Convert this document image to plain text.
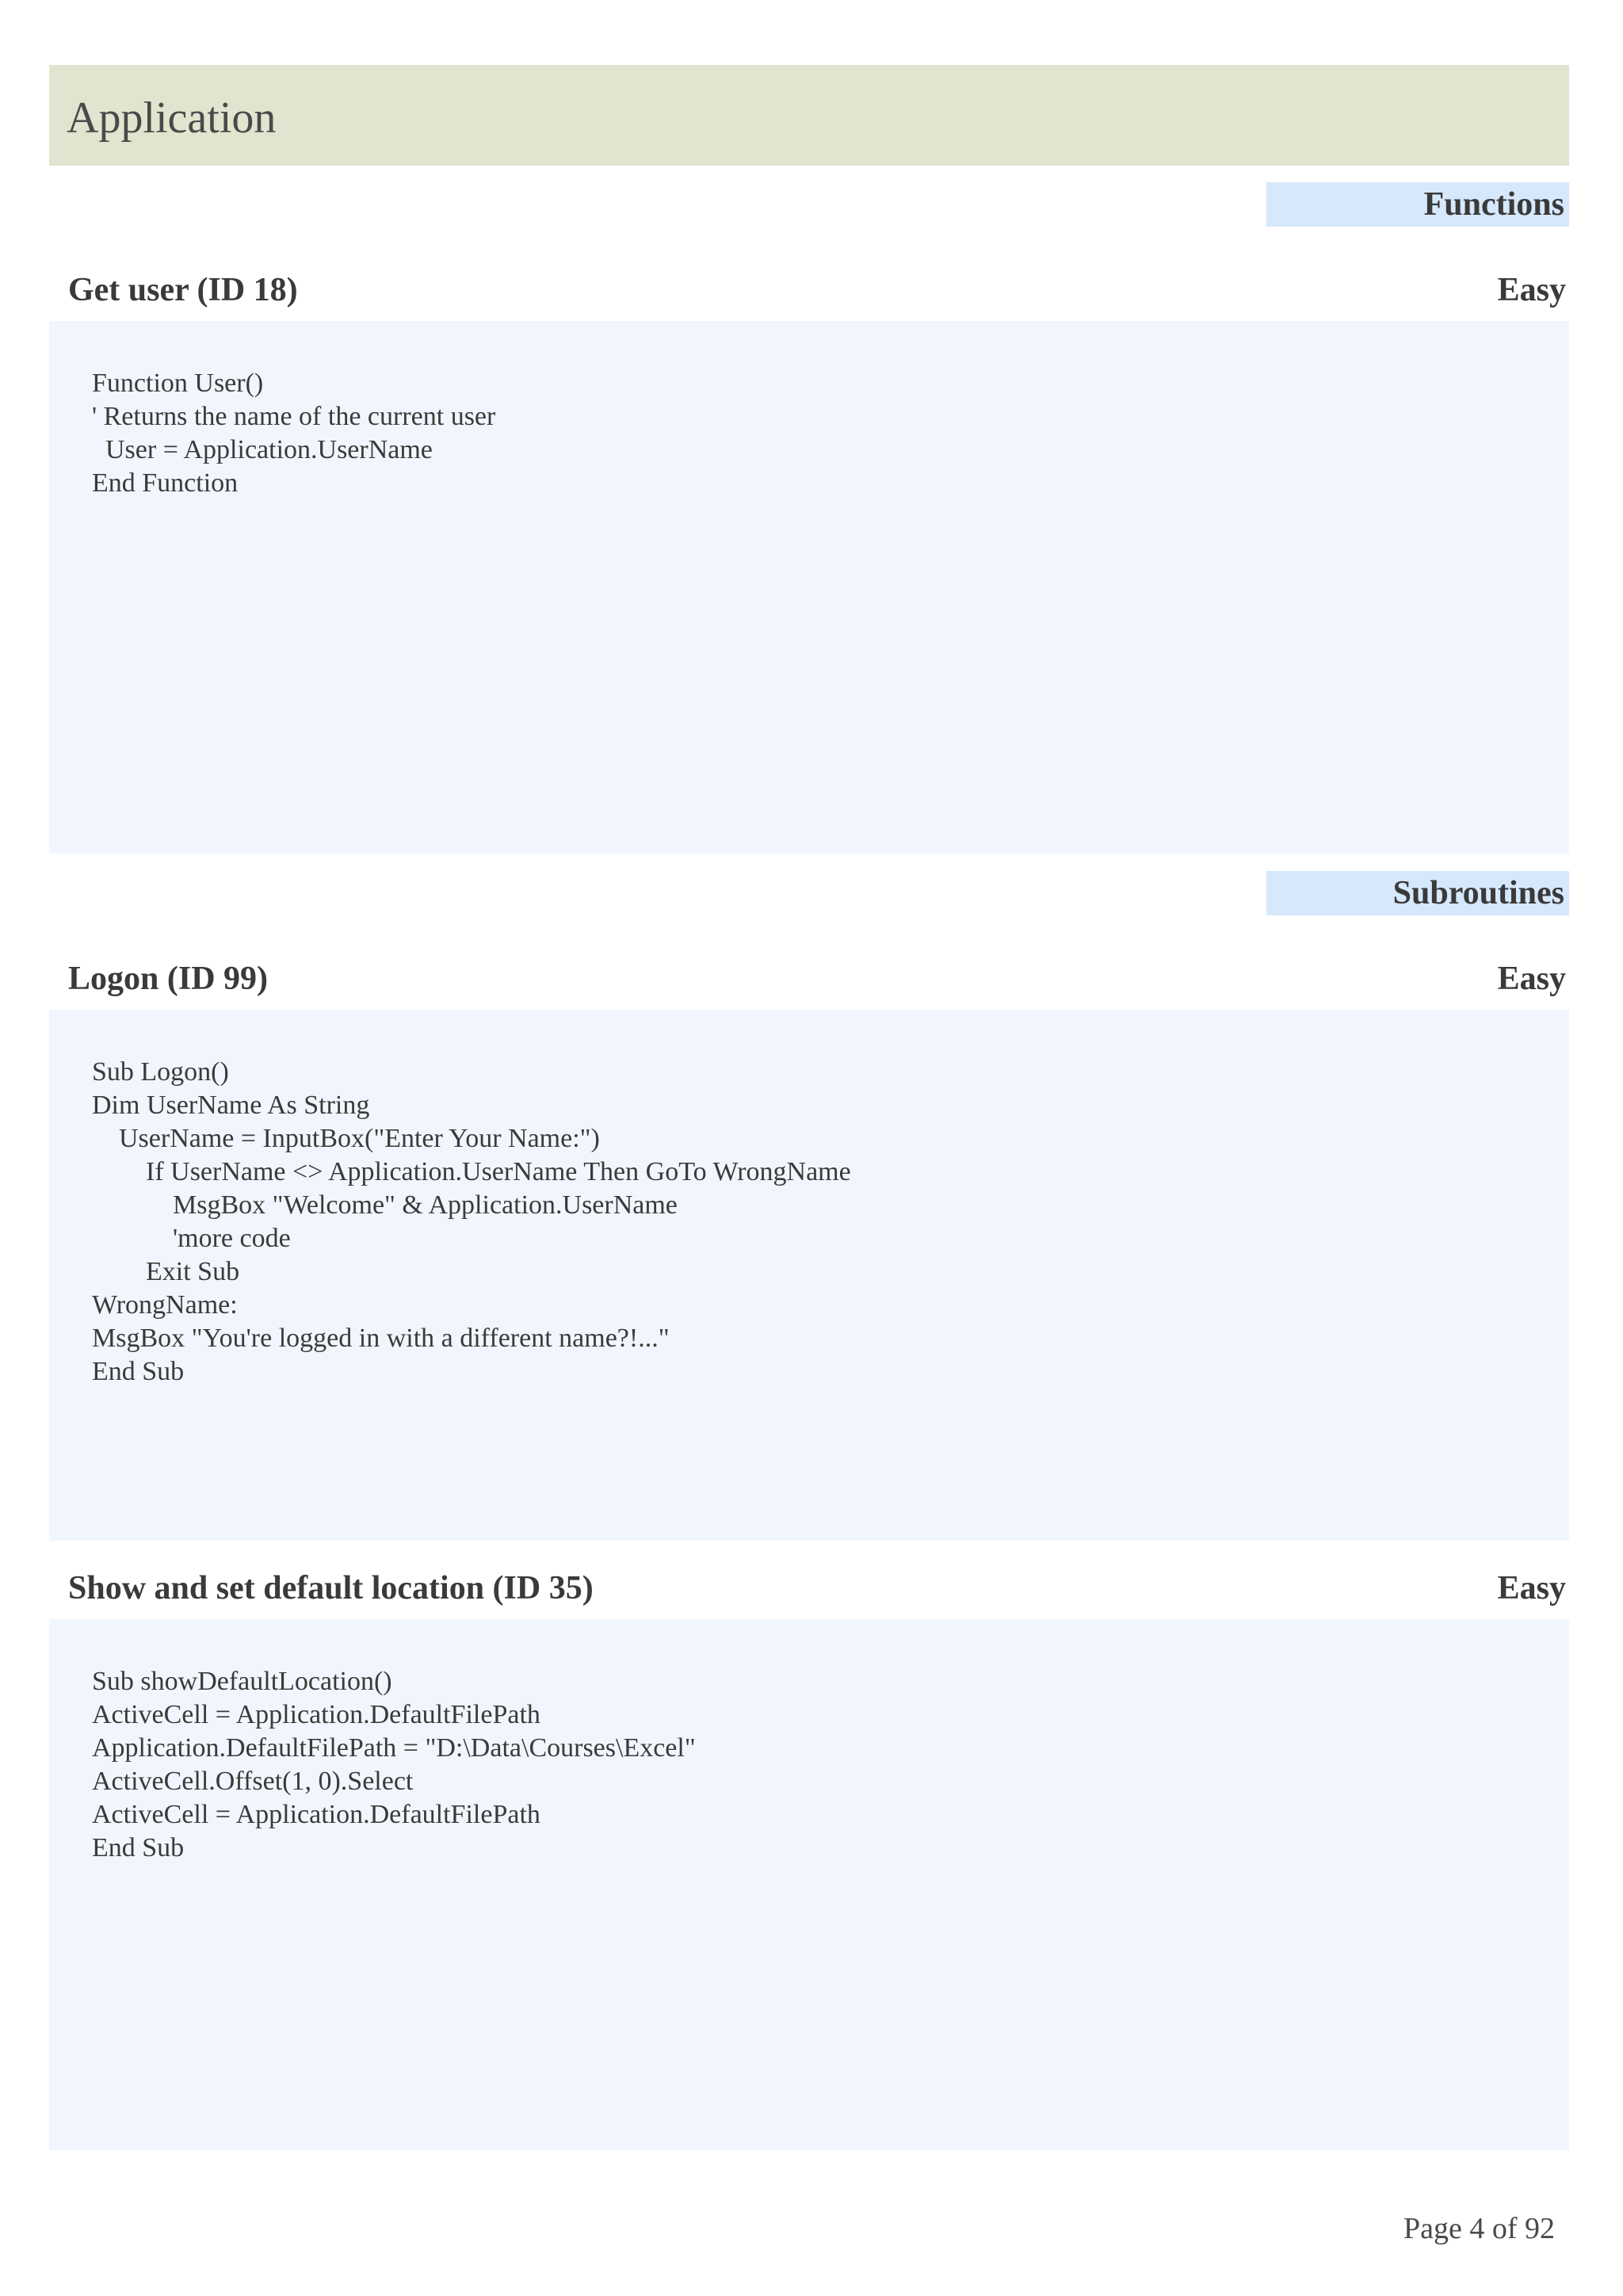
Application
Functions
Get user (ID 18)	Easy
Function User()
' Returns the name of the current user
User = Application.UserName
End Function
Subroutines
Logon (ID 99)	Easy
Sub Logon()
Dim UserName As String
UserName = InputBox("Enter Your Name:")
If UserName <> Application.UserName Then GoTo WrongName
MsgBox "Welcome" & Application.UserName
'more code
Exit Sub
WrongName:
MsgBox "You're logged in with a different name?!..."
End Sub
Show and set default location (ID 35)	Easy
Sub showDefaultLocation()
ActiveCell = Application.DefaultFilePath
Application.DefaultFilePath = "D:\Data\Courses\Excel"
ActiveCell.Offset(1, 0).Select
ActiveCell = Application.DefaultFilePath
End Sub
Page 4 of 92
